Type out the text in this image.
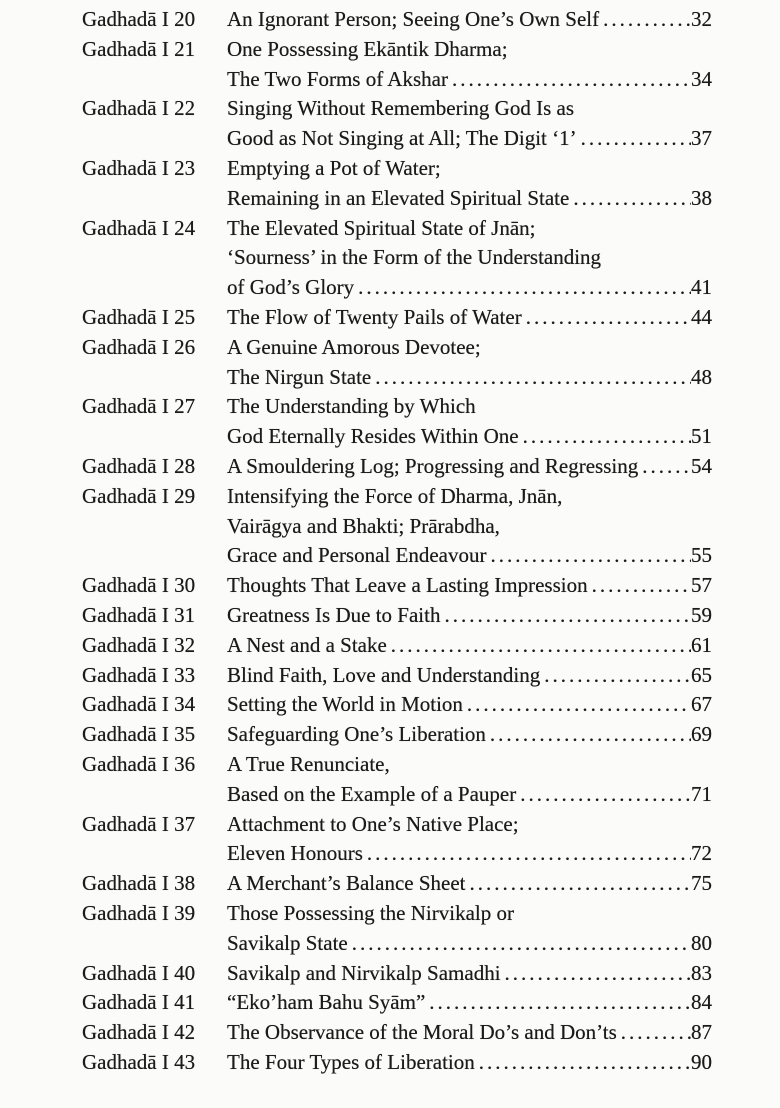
Gadhadā I 20	An Ignorant Person; Seeing One’s Own Self .....	32
Gadhadā I 21	One Possessing Ekāntik Dharma;
The Two Forms of Akshar .....	34
Gadhadā I 22	Singing Without Remembering God Is as
Good as Not Singing at All; The Digit ‘1’ .....	37
Gadhadā I 23	Emptying a Pot of Water;
Remaining in an Elevated Spiritual State .....	38
Gadhadā I 24	The Elevated Spiritual State of Jnān;
‘Sourness’ in the Form of the Understanding
of God’s Glory .....	41
Gadhadā I 25	The Flow of Twenty Pails of Water .....	44
Gadhadā I 26	A Genuine Amorous Devotee;
The Nirgun State .....	48
Gadhadā I 27	The Understanding by Which
God Eternally Resides Within One .....	51
Gadhadā I 28	A Smouldering Log; Progressing and Regressing .....	54
Gadhadā I 29	Intensifying the Force of Dharma, Jnān,
Vairāgya and Bhakti; Prārabdha,
Grace and Personal Endeavour .....	55
Gadhadā I 30	Thoughts That Leave a Lasting Impression .....	57
Gadhadā I 31	Greatness Is Due to Faith .....	59
Gadhadā I 32	A Nest and a Stake .....	61
Gadhadā I 33	Blind Faith, Love and Understanding .....	65
Gadhadā I 34	Setting the World in Motion .....	67
Gadhadā I 35	Safeguarding One’s Liberation .....	69
Gadhadā I 36	A True Renunciate,
Based on the Example of a Pauper .....	71
Gadhadā I 37	Attachment to One’s Native Place;
Eleven Honours .....	72
Gadhadā I 38	A Merchant’s Balance Sheet .....	75
Gadhadā I 39	Those Possessing the Nirvikalp or
Savikalp State .....	80
Gadhadā I 40	Savikalp and Nirvikalp Samadhi .....	83
Gadhadā I 41	“Eko’ham Bahu Syām” .....	84
Gadhadā I 42	The Observance of the Moral Do’s and Don’ts .....	87
Gadhadā I 43	The Four Types of Liberation .....	90
